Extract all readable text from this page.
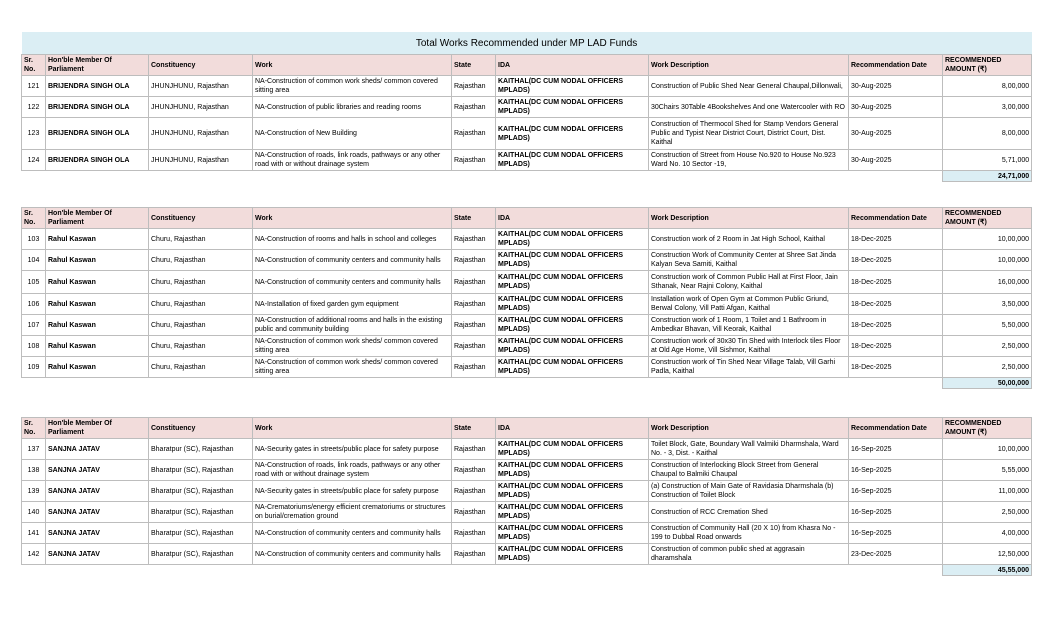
Total Works Recommended under MP LAD Funds								
Sr. No.	Hon'ble Member Of Parliament	Constituency	Work	State	IDA	Work Description	Recommendation Date	RECOMMENDED AMOUNT (₹)
121	BRIJENDRA SINGH OLA	JHUNJHUNU, Rajasthan	NA-Construction of common work sheds/ common covered sitting area	Rajasthan	KAITHAL(DC CUM NODAL OFFICERS MPLADS)	Construction of Public Shed Near General Chaupal,Dillonwali,	30-Aug-2025	8,00,000
122	BRIJENDRA SINGH OLA	JHUNJHUNU, Rajasthan	NA-Construction of public libraries and reading rooms	Rajasthan	KAITHAL(DC CUM NODAL OFFICERS MPLADS)	30Chairs 30Table 4Bookshelves And one Watercooler with RO	30-Aug-2025	3,00,000
123	BRIJENDRA SINGH OLA	JHUNJHUNU, Rajasthan	NA-Construction of New Building	Rajasthan	KAITHAL(DC CUM NODAL OFFICERS MPLADS)	Construction of Thermocol Shed for Stamp Vendors General Public and Typist Near District Court, District Court, Dist. Kaithal	30-Aug-2025	8,00,000
124	BRIJENDRA SINGH OLA	JHUNJHUNU, Rajasthan	NA-Construction of roads, link roads, pathways or any other road with or without drainage system	Rajasthan	KAITHAL(DC CUM NODAL OFFICERS MPLADS)	Construction of Street from House No.920 to House No.923 Ward No. 10 Sector -19,	30-Aug-2025	5,71,000
								24,71,000
Sr. No.	Hon'ble Member Of Parliament	Constituency	Work	State	IDA	Work Description	Recommendation Date	RECOMMENDED AMOUNT (₹)
103	Rahul Kaswan	Churu, Rajasthan	NA-Construction of rooms and halls in school and colleges	Rajasthan	KAITHAL(DC CUM NODAL OFFICERS MPLADS)	Construction work of 2 Room in Jat High School, Kaithal	18-Dec-2025	10,00,000
104	Rahul Kaswan	Churu, Rajasthan	NA-Construction of community centers and community halls	Rajasthan	KAITHAL(DC CUM NODAL OFFICERS MPLADS)	Construction Work of Community Center at Shree Sat Jinda Kalyan Seva Samiti, Kaithal	18-Dec-2025	10,00,000
105	Rahul Kaswan	Churu, Rajasthan	NA-Construction of community centers and community halls	Rajasthan	KAITHAL(DC CUM NODAL OFFICERS MPLADS)	Construction work of Common Public Hall at First Floor, Jain Sthanak, Near Rajni Colony, Kaithal	18-Dec-2025	16,00,000
106	Rahul Kaswan	Churu, Rajasthan	NA-Installation of fixed garden gym equipment	Rajasthan	KAITHAL(DC CUM NODAL OFFICERS MPLADS)	Installation work of Open Gym at Common Public Griund, Berwal Colony, Vill Patti Afgan, Kaithal	18-Dec-2025	3,50,000
107	Rahul Kaswan	Churu, Rajasthan	NA-Construction of additional rooms and halls in the existing public and community building	Rajasthan	KAITHAL(DC CUM NODAL OFFICERS MPLADS)	Construction work of 1 Room, 1 Toilet and 1 Bathroom in Ambedkar Bhavan, Vill Keorak, Kaithal	18-Dec-2025	5,50,000
108	Rahul Kaswan	Churu, Rajasthan	NA-Construction of common work sheds/ common covered sitting area	Rajasthan	KAITHAL(DC CUM NODAL OFFICERS MPLADS)	Construction work of 30x30 Tin Shed with Interlock tiles Floor at Old Age Home, Vill Sishmor, Kaithal	18-Dec-2025	2,50,000
109	Rahul Kaswan	Churu, Rajasthan	NA-Construction of common work sheds/ common covered sitting area	Rajasthan	KAITHAL(DC CUM NODAL OFFICERS MPLADS)	Construction work of Tin Shed Near Village Talab, Vill Garhi Padla, Kaithal	18-Dec-2025	2,50,000
								50,00,000
Sr. No.	Hon'ble Member Of Parliament	Constituency	Work	State	IDA	Work Description	Recommendation Date	RECOMMENDED AMOUNT (₹)
137	SANJNA JATAV	Bharatpur (SC), Rajasthan	NA-Security gates in streets/public place for safety purpose	Rajasthan	KAITHAL(DC CUM NODAL OFFICERS MPLADS)	Toilet Block, Gate, Boundary Wall Valmiki Dharmshala, Ward No. - 3, Dist. - Kaithal	16-Sep-2025	10,00,000
138	SANJNA JATAV	Bharatpur (SC), Rajasthan	NA-Construction of roads, link roads, pathways or any other road with or without drainage system	Rajasthan	KAITHAL(DC CUM NODAL OFFICERS MPLADS)	Construction of Interlocking Block Street from General Chaupal to Balmiki Chaupal	16-Sep-2025	5,55,000
139	SANJNA JATAV	Bharatpur (SC), Rajasthan	NA-Security gates in streets/public place for safety purpose	Rajasthan	KAITHAL(DC CUM NODAL OFFICERS MPLADS)	(a) Construction of Main Gate of Ravidasia Dharmshala (b) Construction of Toilet Block	16-Sep-2025	11,00,000
140	SANJNA JATAV	Bharatpur (SC), Rajasthan	NA-Crematoriums/energy efficient crematoriums or structures on burial/cremation ground	Rajasthan	KAITHAL(DC CUM NODAL OFFICERS MPLADS)	Construction of RCC Cremation Shed	16-Sep-2025	2,50,000
141	SANJNA JATAV	Bharatpur (SC), Rajasthan	NA-Construction of community centers and community halls	Rajasthan	KAITHAL(DC CUM NODAL OFFICERS MPLADS)	Construction of Community Hall (20 X 10) from Khasra No - 199 to Dubbal Road onwards	16-Sep-2025	4,00,000
142	SANJNA JATAV	Bharatpur (SC), Rajasthan	NA-Construction of community centers and community halls	Rajasthan	KAITHAL(DC CUM NODAL OFFICERS MPLADS)	Construction of common public shed at aggrasain dharamshala	23-Dec-2025	12,50,000
								45,55,000
